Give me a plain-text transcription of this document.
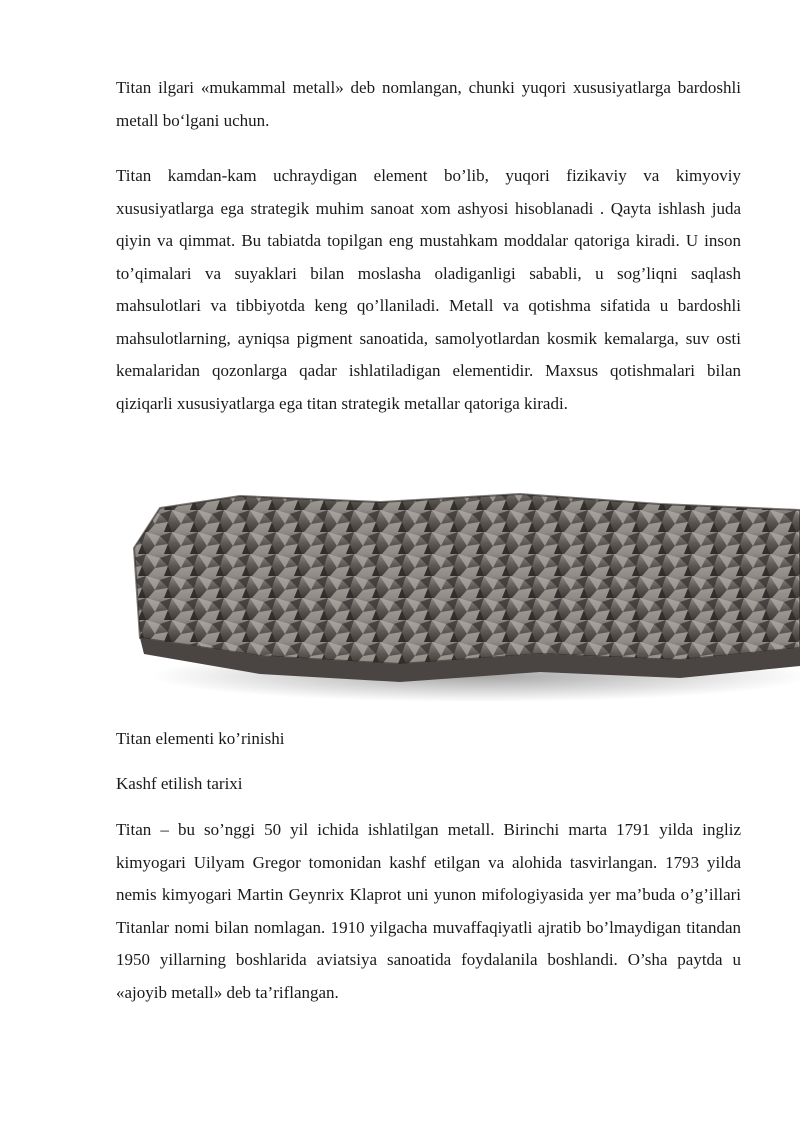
Titan ilgari «mukammal metall» deb nomlangan, chunki yuqori xususiyatlarga bardoshli metall boʻlgani uchun.

Titan kamdan-kam uchraydigan element bo’lib, yuqori fizikaviy va kimyoviy xususiyatlarga ega strategik muhim sanoat xom ashyosi hisoblanadi . Qayta ishlash juda qiyin va qimmat. Bu tabiatda topilgan eng mustahkam moddalar qatoriga kiradi. U inson to’qimalari va suyaklari bilan moslasha oladiganligi sababli, u sog’liqni saqlash mahsulotlari va tibbiyotda keng qo’llaniladi. Metall va qotishma sifatida u bardoshli mahsulotlarning, ayniqsa pigment sanoatida, samolyotlardan kosmik kemalarga, suv osti kemalaridan qozonlarga qadar ishlatiladigan elementidir. Maxsus qotishmalari bilan qiziqarli xususiyatlarga ega titan strategik metallar qatoriga kiradi.

Titan elementi ko’rinishi

Kashf etilish tarixi

Titan – bu so’nggi 50 yil ichida ishlatilgan metall. Birinchi marta 1791 yilda ingliz kimyogari Uilyam Gregor tomonidan kashf etilgan va alohida tasvirlangan. 1793 yilda nemis kimyogari Martin Geynrix Klaprot uni yunon mifologiyasida yer ma’buda o’g’illari Titanlar nomi bilan nomlagan. 1910 yilgacha muvaffaqiyatli ajratib bo’lmaydigan titandan 1950 yillarning boshlarida aviatsiya sanoatida foydalanila boshlandi. O’sha paytda u «ajoyib metall» deb ta’riflangan.
